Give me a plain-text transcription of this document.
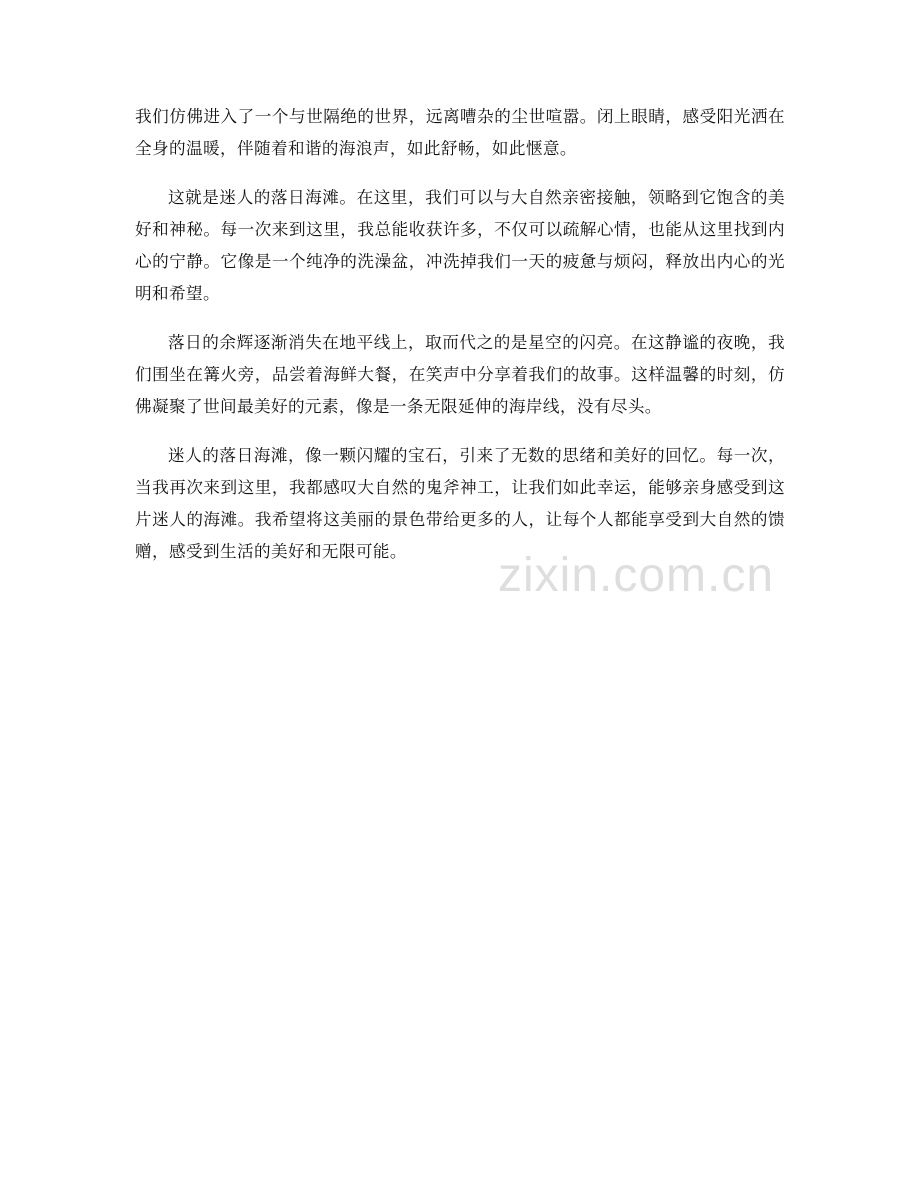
我们仿佛进入了一个与世隔绝的世界，远离嘈杂的尘世喧嚣。闭上眼睛，感受阳光洒在全身的温暖，伴随着和谐的海浪声，如此舒畅，如此惬意。

这就是迷人的落日海滩。在这里，我们可以与大自然亲密接触，领略到它饱含的美好和神秘。每一次来到这里，我总能收获许多，不仅可以疏解心情，也能从这里找到内心的宁静。它像是一个纯净的洗澡盆，冲洗掉我们一天的疲惫与烦闷，释放出内心的光明和希望。

落日的余辉逐渐消失在地平线上，取而代之的是星空的闪亮。在这静谧的夜晚，我们围坐在篝火旁，品尝着海鲜大餐，在笑声中分享着我们的故事。这样温馨的时刻，仿佛凝聚了世间最美好的元素，像是一条无限延伸的海岸线，没有尽头。

迷人的落日海滩，像一颗闪耀的宝石，引来了无数的思绪和美好的回忆。每一次，当我再次来到这里，我都感叹大自然的鬼斧神工，让我们如此幸运，能够亲身感受到这片迷人的海滩。我希望将这美丽的景色带给更多的人，让每个人都能享受到大自然的馈赠，感受到生活的美好和无限可能。	zixin.com.cn
